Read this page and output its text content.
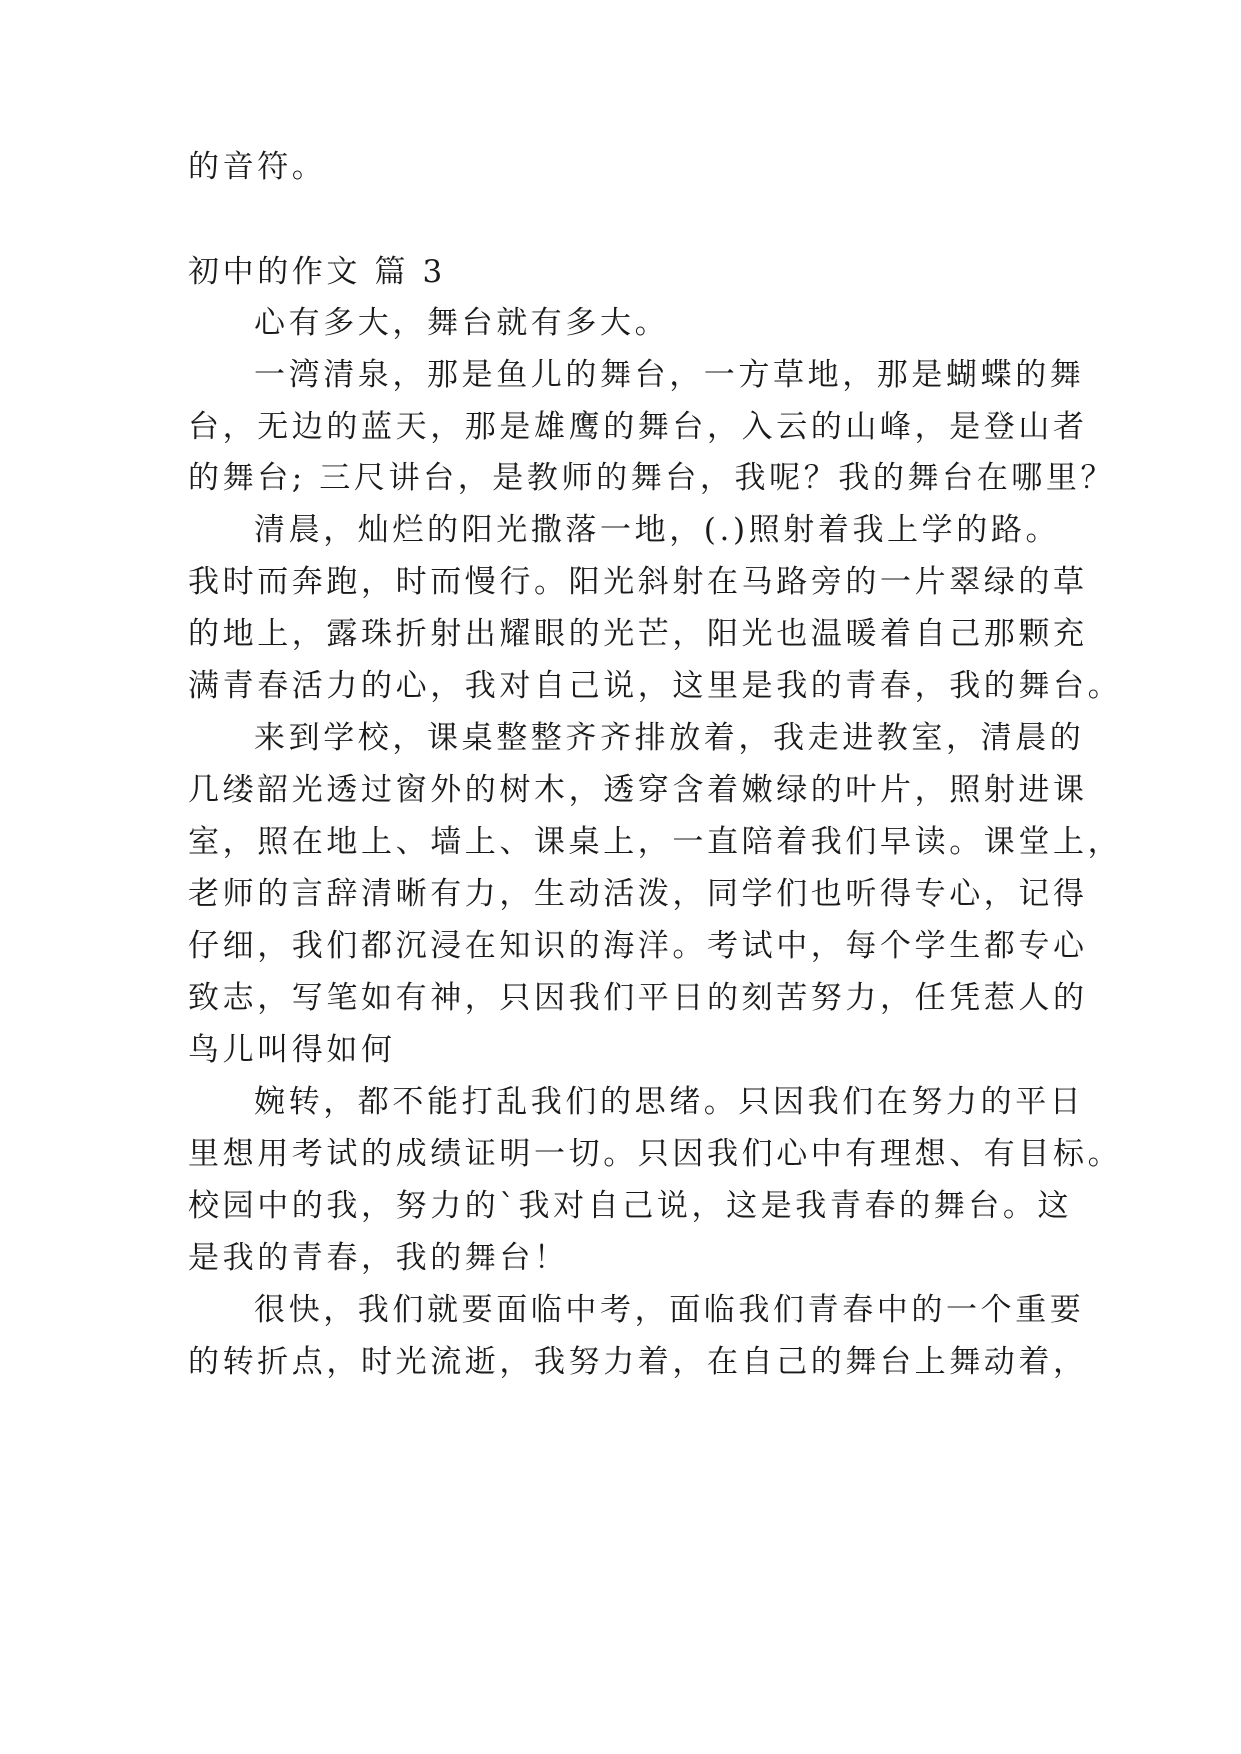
的音符。
初中的作文 篇 3
心有多大，舞台就有多大。
一湾清泉，那是鱼儿的舞台，一方草地，那是蝴蝶的舞
台，无边的蓝天，那是雄鹰的舞台，入云的山峰，是登山者
的舞台; 三尺讲台，是教师的舞台，我呢？我的舞台在哪里？
清晨，灿烂的阳光撒落一地，(.)照射着我上学的路。
我时而奔跑，时而慢行。阳光斜射在马路旁的一片翠绿的草
的地上，露珠折射出耀眼的光芒，阳光也温暖着自己那颗充
满青春活力的心，我对自己说，这里是我的青春，我的舞台。
来到学校，课桌整整齐齐排放着，我走进教室，清晨的
几缕韶光透过窗外的树木，透穿含着嫩绿的叶片，照射进课
室，照在地上、墙上、课桌上，一直陪着我们早读。课堂上，
老师的言辞清晰有力，生动活泼，同学们也听得专心，记得
仔细，我们都沉浸在知识的海洋。考试中，每个学生都专心
致志，写笔如有神，只因我们平日的刻苦努力，任凭惹人的
鸟儿叫得如何
婉转，都不能打乱我们的思绪。只因我们在努力的平日
里想用考试的成绩证明一切。只因我们心中有理想、有目标。
校园中的我，努力的`我对自己说，这是我青春的舞台。这
是我的青春，我的舞台！
很快，我们就要面临中考，面临我们青春中的一个重要
的转折点，时光流逝，我努力着，在自己的舞台上舞动着，
